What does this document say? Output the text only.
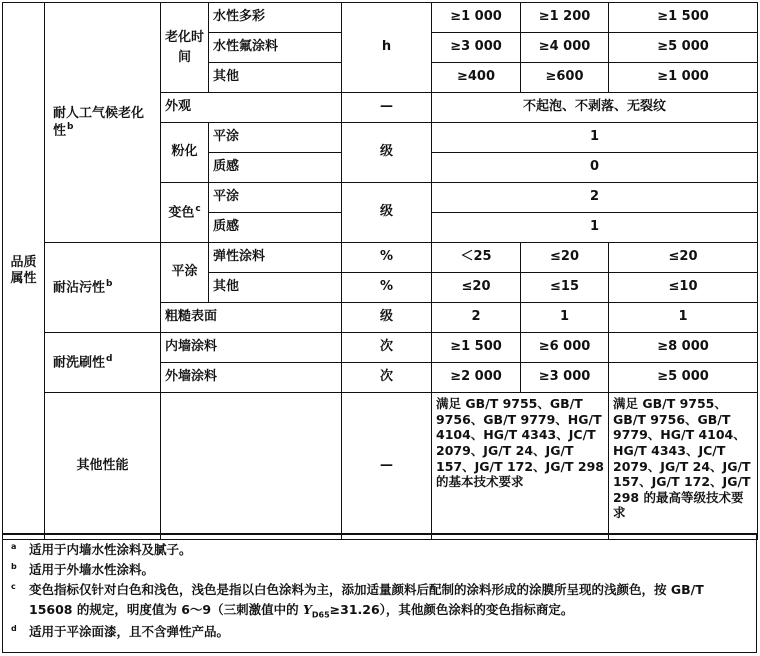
品质属性	耐人工气候老化性$^b$	老化时间	水性多彩	h	≥1 000	≥1 200	≥1 500
			水性氟涂料		≥3 000	≥4 000	≥5 000
			其他		≥400	≥600	≥1 000
		外观		—	不起泡、不剥落、无裂纹		
		粉化	平涂	级	1		
			质感		0		
		变色$^c$	平涂	级	2		
			质感		1		
	耐沾污性$^b$	平涂	弹性涂料	%	＜25	≤20	≤20
			其他	%	≤20	≤15	≤10
		粗糙表面		级	2	1	1
	耐洗刷性$^d$	内墙涂料		次	≥1 500	≥6 000	≥8 000
		外墙涂料		次	≥2 000	≥3 000	≥5 000
	其他性能			—	满足 GB/T 9755、GB/T 9756、GB/T 9779、HG/T 4104、HG/T 4343、JC/T 2079、JG/T 24、JG/T 157、JG/T 172、JG/T 298 的基本技术要求		满足 GB/T 9755、GB/T 9756、GB/T 9779、HG/T 4104、HG/T 4343、JC/T 2079、JG/T 24、JG/T 157、JG/T 172、JG/T 298 的最高等级技术要求
a	适用于内墙水性涂料及腻子。
b 适用于外墙水性涂料。
c	变色指标仅针对白色和浅色，浅色是指以白色涂料为主，添加适量颜料后配制的涂料形成的涂膜所呈现的浅颜色，按 GB/T 15608 的规定，明度值为 6～9（三刺激值中的 $Y_{D65}\ge 31.26$），其他颜色涂料的变色指标商定。
d 适用于平涂面漆，且不含弹性产品。
